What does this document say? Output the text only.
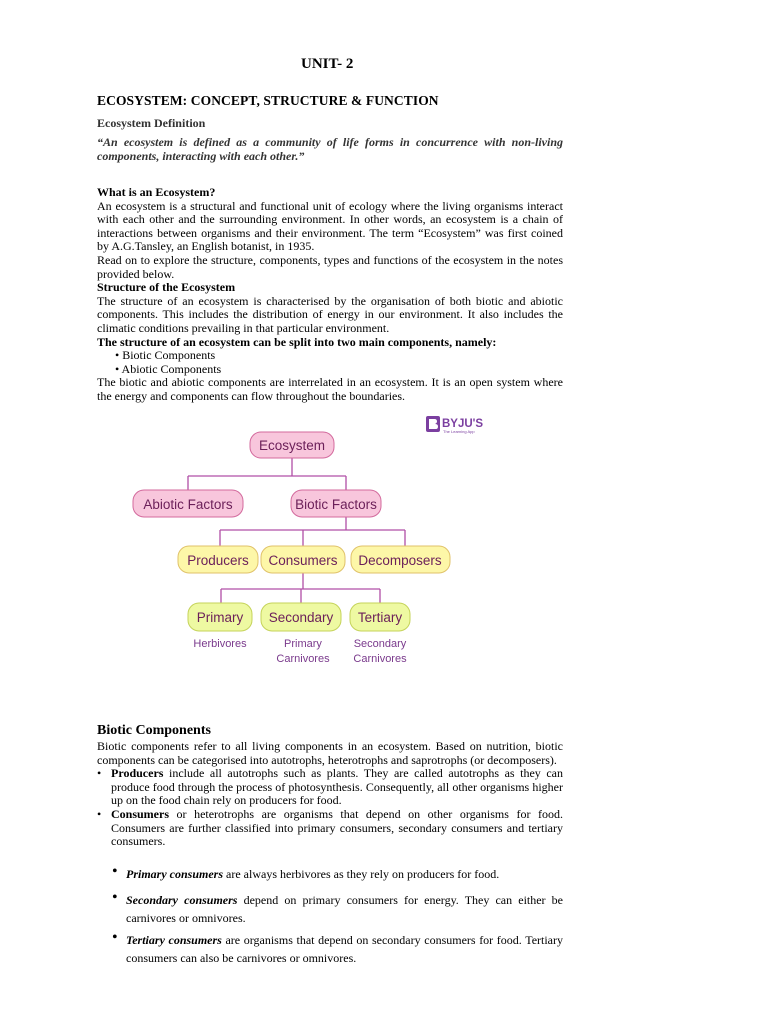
UNIT- 2
ECOSYSTEM: CONCEPT, STRUCTURE & FUNCTION
Ecosystem Definition
“An ecosystem is defined as a community of life forms in concurrence with non-living components, interacting with each other.”

What is an Ecosystem?

An ecosystem is a structural and functional unit of ecology where the living organisms interact with each other and the surrounding environment. In other words, an ecosystem is a chain of interactions between organisms and their environment. The term “Ecosystem” was first coined by A.G.Tansley, an English botanist, in 1935.

Read on to explore the structure, components, types and functions of the ecosystem in the notes provided below.

Structure of the Ecosystem

The structure of an ecosystem is characterised by the organisation of both biotic and abiotic components. This includes the distribution of energy in our environment. It also includes the climatic conditions prevailing in that particular environment.

The structure of an ecosystem can be split into two main components, namely:

• Biotic Components

• Abiotic Components

The biotic and abiotic components are interrelated in an ecosystem. It is an open system where the energy and components can flow throughout the boundaries.

BYJU'S
The Learning App
Ecosystem
Abiotic Factors	Biotic Factors
Producers Consumers Decomposers
Primary Secondary Tertiary
Herbivores	Primary
Carnivores
Secondary
Carnivores
Biotic Components

Biotic components refer to all living components in an ecosystem. Based on nutrition, biotic components can be categorised into autotrophs, heterotrophs and saprotrophs (or decomposers).

• Producers include all autotrophs such as plants. They are called autotrophs as they can produce food through the process of photosynthesis. Consequently, all other organisms higher up on the food chain rely on producers for food.
• Consumers or heterotrophs are organisms that depend on other organisms for food. Consumers are further classified into primary consumers, secondary consumers and tertiary consumers.
• Primary consumers are always herbivores as they rely on producers for food.
• Secondary consumers depend on primary consumers for energy. They can either be carnivores or omnivores.
• Tertiary consumers are organisms that depend on secondary consumers for food. Tertiary consumers can also be carnivores or omnivores.
